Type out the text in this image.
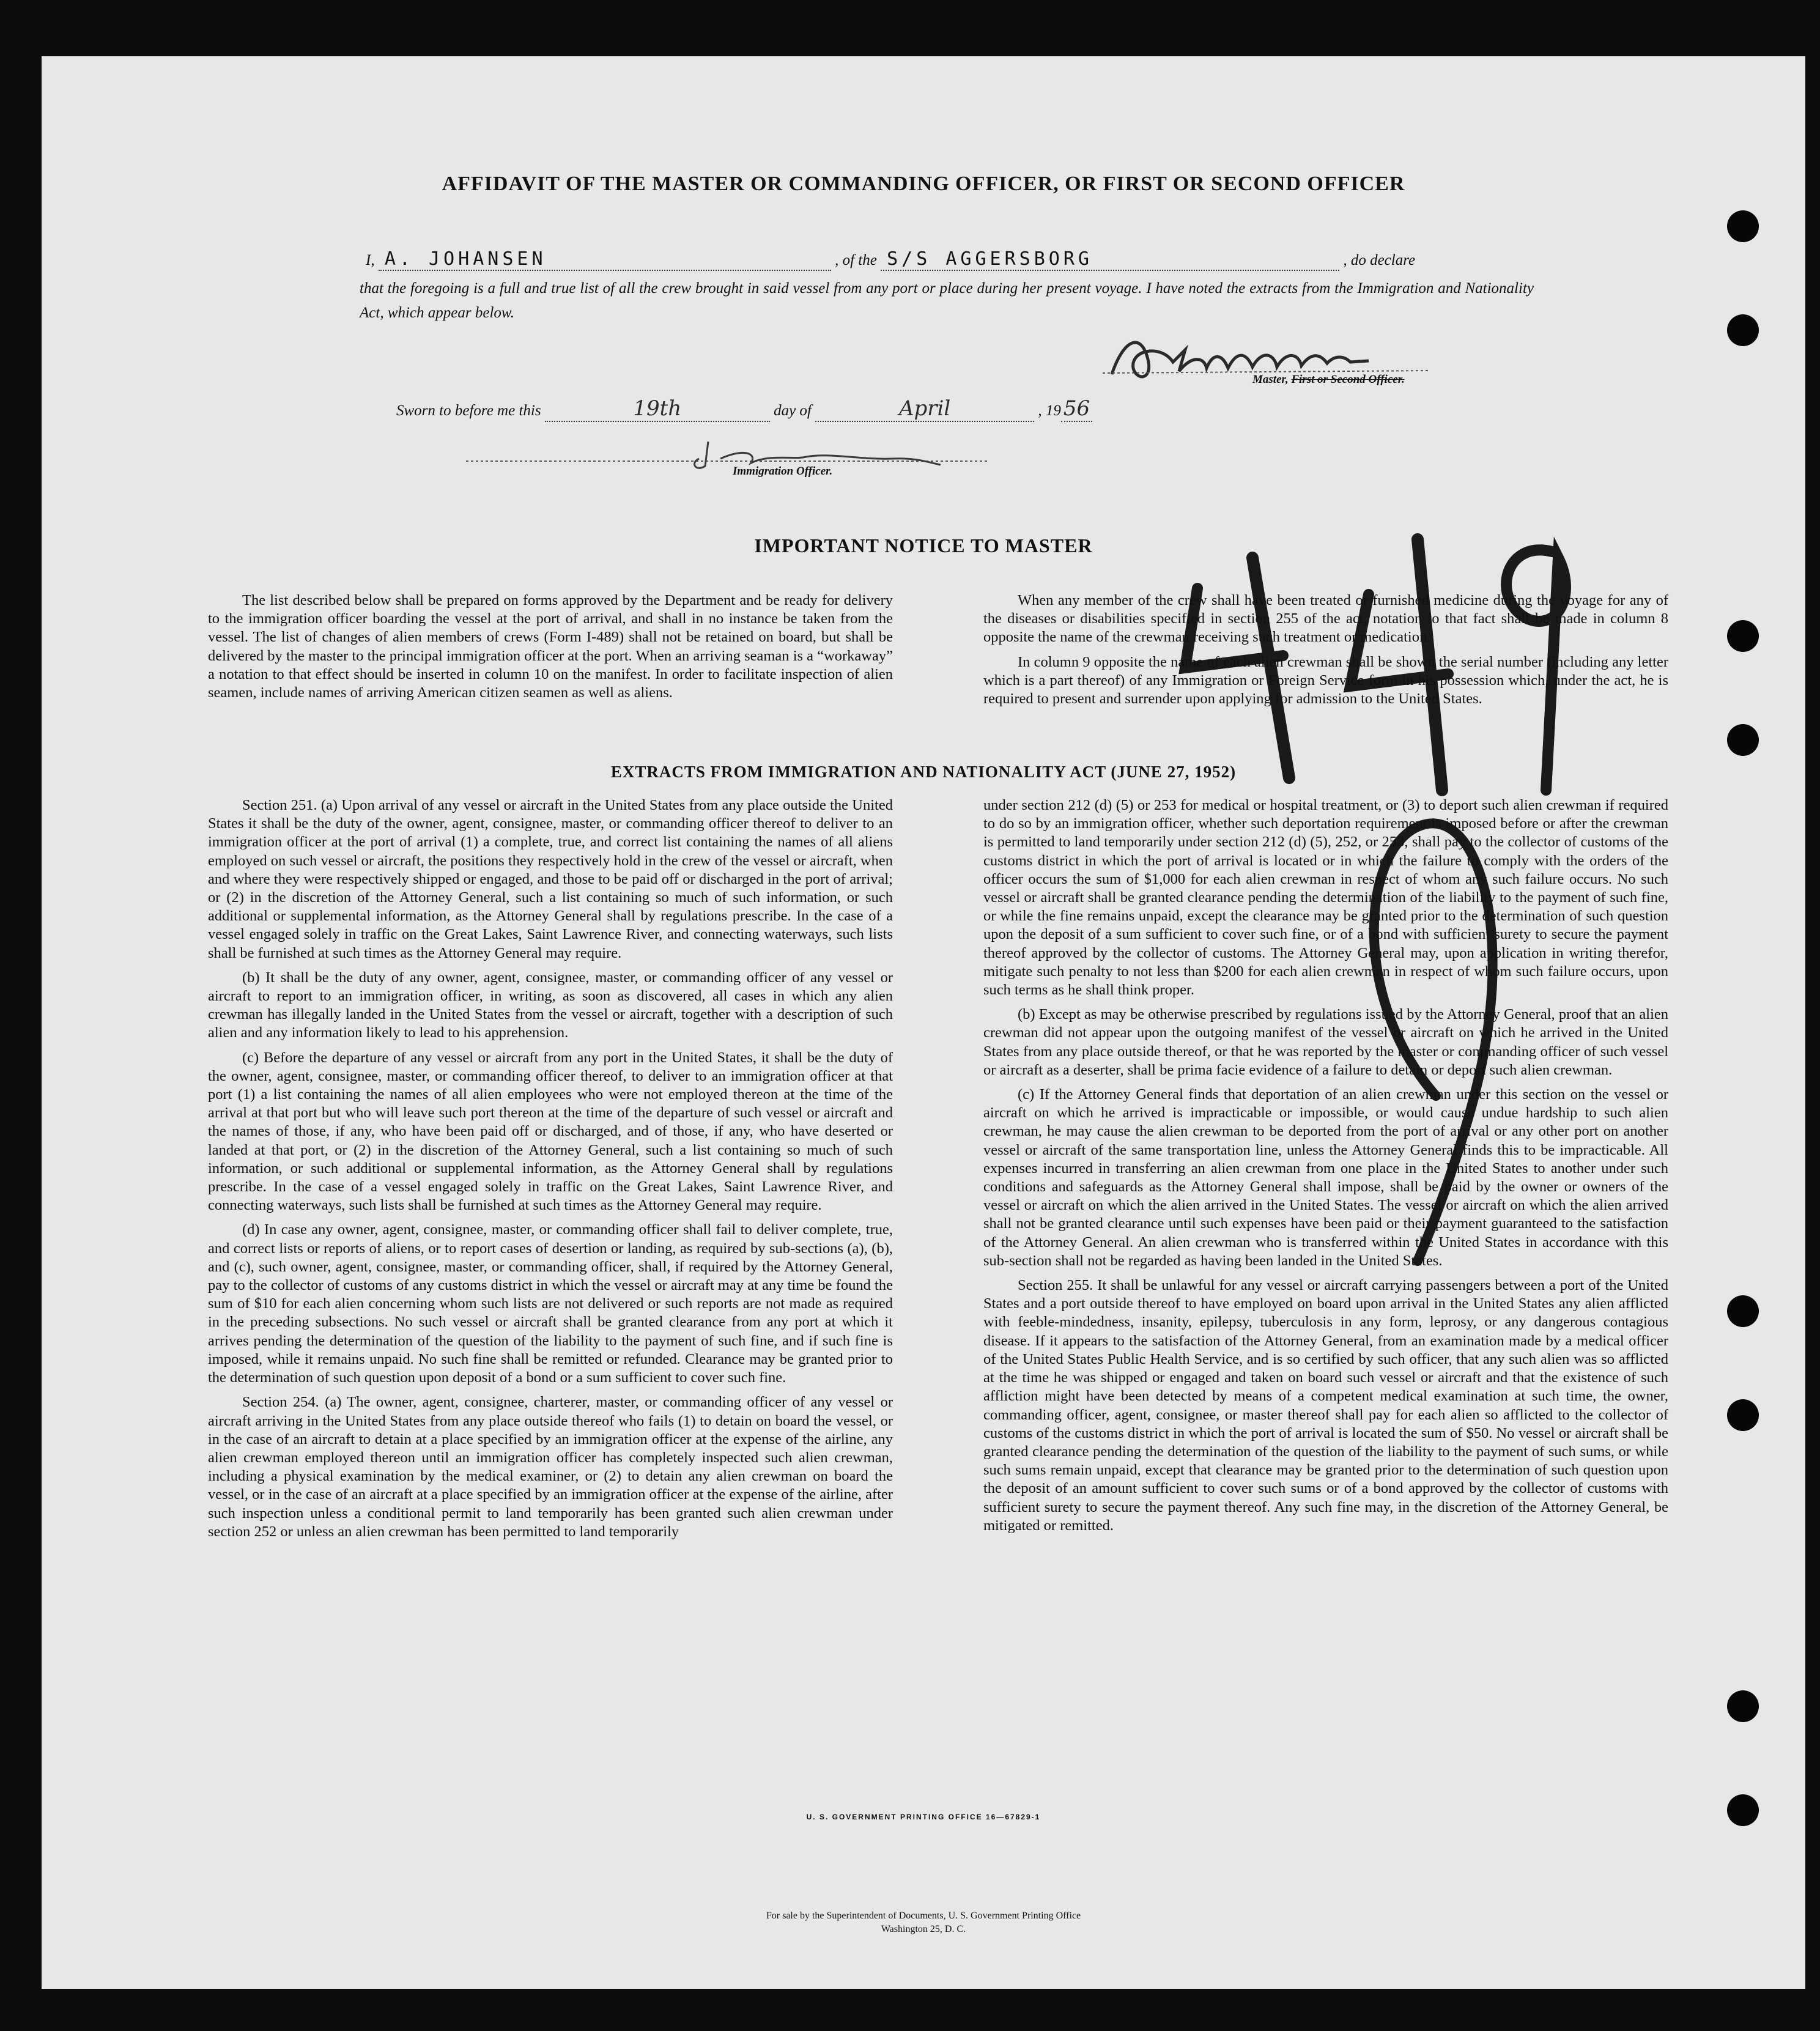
AFFIDAVIT OF THE MASTER OR COMMANDING OFFICER, OR FIRST OR SECOND OFFICER
I, A. JOHANSEN	, of the S/S AGGERSBORG	, do declare
that the foregoing is a full and true list of all the crew brought in said vessel from any port or place during her present voyage. I have noted the extracts from the Immigration and Nationality Act, which appear below.
Master, First or Second Officer.
Sworn to before me this	19th	day of	April	, 19 56
Immigration Officer.
IMPORTANT NOTICE TO MASTER

The list described below shall be prepared on forms approved by the Department and be ready for delivery to the immigration officer boarding the vessel at the port of arrival, and shall in no instance be taken from the vessel. The list of changes of alien members of crews (Form I-489) shall not be retained on board, but shall be delivered by the master to the principal immigration officer at the port. When an arriving seaman is a “workaway” a notation to that effect should be inserted in column 10 on the manifest. In order to facilitate inspection of alien seamen, include names of arriving American citizen seamen as well as aliens.

When any member of the crew shall have been treated or furnished medicine during the voyage for any of the diseases or disabilities specified in section 255 of the act, notation to that fact shall be made in column 8 opposite the name of the crewman receiving such treatment or medication.

In column 9 opposite the name of each alien crewman shall be shown the serial number (including any letter which is a part thereof) of any Immigration or Foreign Service form in his possession which, under the act, he is required to present and surrender upon applying for admission to the United States.

EXTRACTS FROM IMMIGRATION AND NATIONALITY ACT (JUNE 27, 1952)

Section 251. (a) Upon arrival of any vessel or aircraft in the United States from any place outside the United States it shall be the duty of the owner, agent, consignee, master, or commanding officer thereof to deliver to an immigration officer at the port of arrival (1) a complete, true, and correct list containing the names of all aliens employed on such vessel or aircraft, the positions they respectively hold in the crew of the vessel or aircraft, when and where they were respectively shipped or engaged, and those to be paid off or discharged in the port of arrival; or (2) in the discretion of the Attorney General, such a list containing so much of such information, or such additional or supplemental information, as the Attorney General shall by regulations prescribe. In the case of a vessel engaged solely in traffic on the Great Lakes, Saint Lawrence River, and connecting waterways, such lists shall be furnished at such times as the Attorney General may require.

(b) It shall be the duty of any owner, agent, consignee, master, or commanding officer of any vessel or aircraft to report to an immigration officer, in writing, as soon as discovered, all cases in which any alien crewman has illegally landed in the United States from the vessel or aircraft, together with a description of such alien and any information likely to lead to his apprehension.

(c) Before the departure of any vessel or aircraft from any port in the United States, it shall be the duty of the owner, agent, consignee, master, or commanding officer thereof, to deliver to an immigration officer at that port (1) a list containing the names of all alien employees who were not employed thereon at the time of the arrival at that port but who will leave such port thereon at the time of the departure of such vessel or aircraft and the names of those, if any, who have been paid off or discharged, and of those, if any, who have deserted or landed at that port, or (2) in the discretion of the Attorney General, such a list containing so much of such information, or such additional or supplemental information, as the Attorney General shall by regulations prescribe. In the case of a vessel engaged solely in traffic on the Great Lakes, Saint Lawrence River, and connecting waterways, such lists shall be furnished at such times as the Attorney General may require.

(d) In case any owner, agent, consignee, master, or commanding officer shall fail to deliver complete, true, and correct lists or reports of aliens, or to report cases of desertion or landing, as required by sub-sections (a), (b), and (c), such owner, agent, consignee, master, or commanding officer, shall, if required by the Attorney General, pay to the collector of customs of any customs district in which the vessel or aircraft may at any time be found the sum of $10 for each alien concerning whom such lists are not delivered or such reports are not made as required in the preceding subsections. No such vessel or aircraft shall be granted clearance from any port at which it arrives pending the determination of the question of the liability to the payment of such fine, and if such fine is imposed, while it remains unpaid. No such fine shall be remitted or refunded. Clearance may be granted prior to the determination of such question upon deposit of a bond or a sum sufficient to cover such fine.

Section 254. (a) The owner, agent, consignee, charterer, master, or commanding officer of any vessel or aircraft arriving in the United States from any place outside thereof who fails (1) to detain on board the vessel, or in the case of an aircraft to detain at a place specified by an immigration officer at the expense of the airline, any alien crewman employed thereon until an immigration officer has completely inspected such alien crewman, including a physical examination by the medical examiner, or (2) to detain any alien crewman on board the vessel, or in the case of an aircraft at a place specified by an immigration officer at the expense of the airline, after such inspection unless a conditional permit to land temporarily has been granted such alien crewman under section 252 or unless an alien crewman has been permitted to land temporarily

under section 212 (d) (5) or 253 for medical or hospital treatment, or (3) to deport such alien crewman if required to do so by an immigration officer, whether such deportation requirement is imposed before or after the crewman is permitted to land temporarily under section 212 (d) (5), 252, or 253, shall pay to the collector of customs of the customs district in which the port of arrival is located or in which the failure to comply with the orders of the officer occurs the sum of $1,000 for each alien crewman in respect of whom any such failure occurs. No such vessel or aircraft shall be granted clearance pending the determination of the liability to the payment of such fine, or while the fine remains unpaid, except the clearance may be granted prior to the determination of such question upon the deposit of a sum sufficient to cover such fine, or of a bond with sufficient surety to secure the payment thereof approved by the collector of customs. The Attorney General may, upon application in writing therefor, mitigate such penalty to not less than $200 for each alien crewman in respect of whom such failure occurs, upon such terms as he shall think proper.

(b) Except as may be otherwise prescribed by regulations issued by the Attorney General, proof that an alien crewman did not appear upon the outgoing manifest of the vessel or aircraft on which he arrived in the United States from any place outside thereof, or that he was reported by the master or commanding officer of such vessel or aircraft as a deserter, shall be prima facie evidence of a failure to detain or deport such alien crewman.

(c) If the Attorney General finds that deportation of an alien crewman under this section on the vessel or aircraft on which he arrived is impracticable or impossible, or would cause undue hardship to such alien crewman, he may cause the alien crewman to be deported from the port of arrival or any other port on another vessel or aircraft of the same transportation line, unless the Attorney General finds this to be impracticable. All expenses incurred in transferring an alien crewman from one place in the United States to another under such conditions and safeguards as the Attorney General shall impose, shall be paid by the owner or owners of the vessel or aircraft on which the alien arrived in the United States. The vessel or aircraft on which the alien arrived shall not be granted clearance until such expenses have been paid or their payment guaranteed to the satisfaction of the Attorney General. An alien crewman who is transferred within the United States in accordance with this sub-section shall not be regarded as having been landed in the United States.

Section 255. It shall be unlawful for any vessel or aircraft carrying passengers between a port of the United States and a port outside thereof to have employed on board upon arrival in the United States any alien afflicted with feeble-mindedness, insanity, epilepsy, tuberculosis in any form, leprosy, or any dangerous contagious disease. If it appears to the satisfaction of the Attorney General, from an examination made by a medical officer of the United States Public Health Service, and is so certified by such officer, that any such alien was so afflicted at the time he was shipped or engaged and taken on board such vessel or aircraft and that the existence of such affliction might have been detected by means of a competent medical examination at such time, the owner, commanding officer, agent, consignee, or master thereof shall pay for each alien so afflicted to the collector of customs of the customs district in which the port of arrival is located the sum of $50. No vessel or aircraft shall be granted clearance pending the determination of the question of the liability to the payment of such sums, or while such sums remain unpaid, except that clearance may be granted prior to the determination of such question upon the deposit of an amount sufficient to cover such sums or of a bond approved by the collector of customs with sufficient surety to secure the payment thereof. Any such fine may, in the discretion of the Attorney General, be mitigated or remitted.

U. S. GOVERNMENT PRINTING OFFICE 16—67829-1
For sale by the Superintendent of Documents, U. S. Government Printing Office
Washington 25, D. C.
